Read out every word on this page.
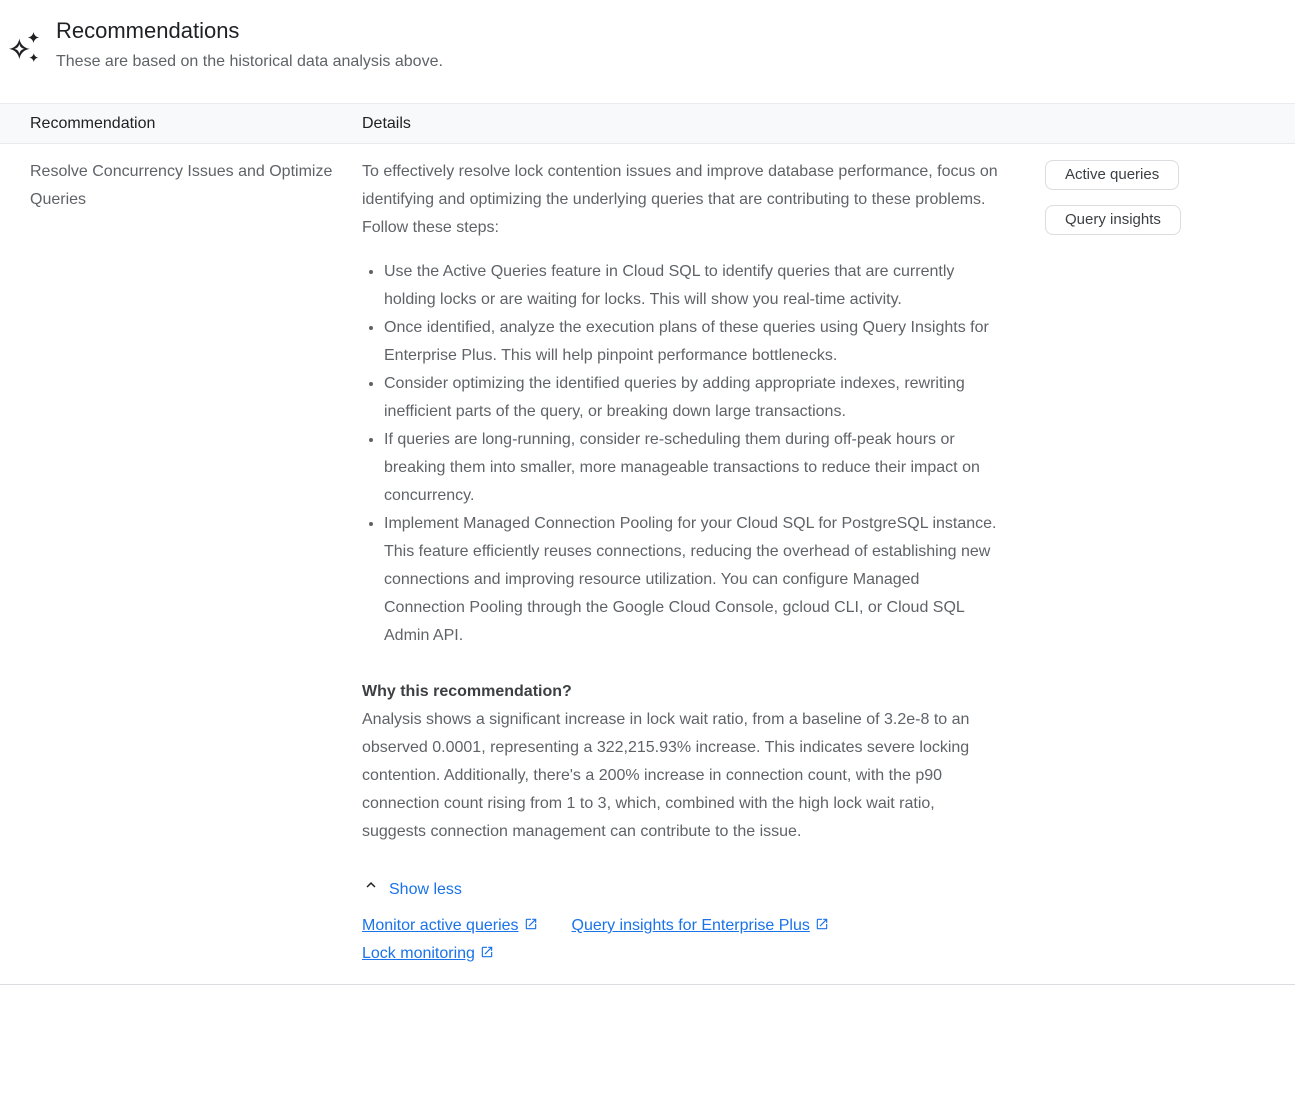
Recommendations
These are based on the historical data analysis above.
Recommendation	Details
Resolve Concurrency Issues and Optimize Queries
To effectively resolve lock contention issues and improve database performance, focus on identifying and optimizing the underlying queries that are contributing to these problems. Follow these steps:
• Use the Active Queries feature in Cloud SQL to identify queries that are currently holding locks or are waiting for locks. This will show you real-time activity.
• Once identified, analyze the execution plans of these queries using Query Insights for Enterprise Plus. This will help pinpoint performance bottlenecks.
• Consider optimizing the identified queries by adding appropriate indexes, rewriting inefficient parts of the query, or breaking down large transactions.
• If queries are long-running, consider re-scheduling them during off-peak hours or breaking them into smaller, more manageable transactions to reduce their impact on concurrency.
• Implement Managed Connection Pooling for your Cloud SQL for PostgreSQL instance. This feature efficiently reuses connections, reducing the overhead of establishing new connections and improving resource utilization. You can configure Managed Connection Pooling through the Google Cloud Console, gcloud CLI, or Cloud SQL Admin API.
Why this recommendation?
Analysis shows a significant increase in lock wait ratio, from a baseline of 3.2e-8 to an observed 0.0001, representing a 322,215.93% increase. This indicates severe locking contention. Additionally, there's a 200% increase in connection count, with the p90 connection count rising from 1 to 3, which, combined with the high lock wait ratio, suggests connection management can contribute to the issue.
Show less
Monitor active queries	Query insights for Enterprise Plus
Lock monitoring
Active queries
Query insights
